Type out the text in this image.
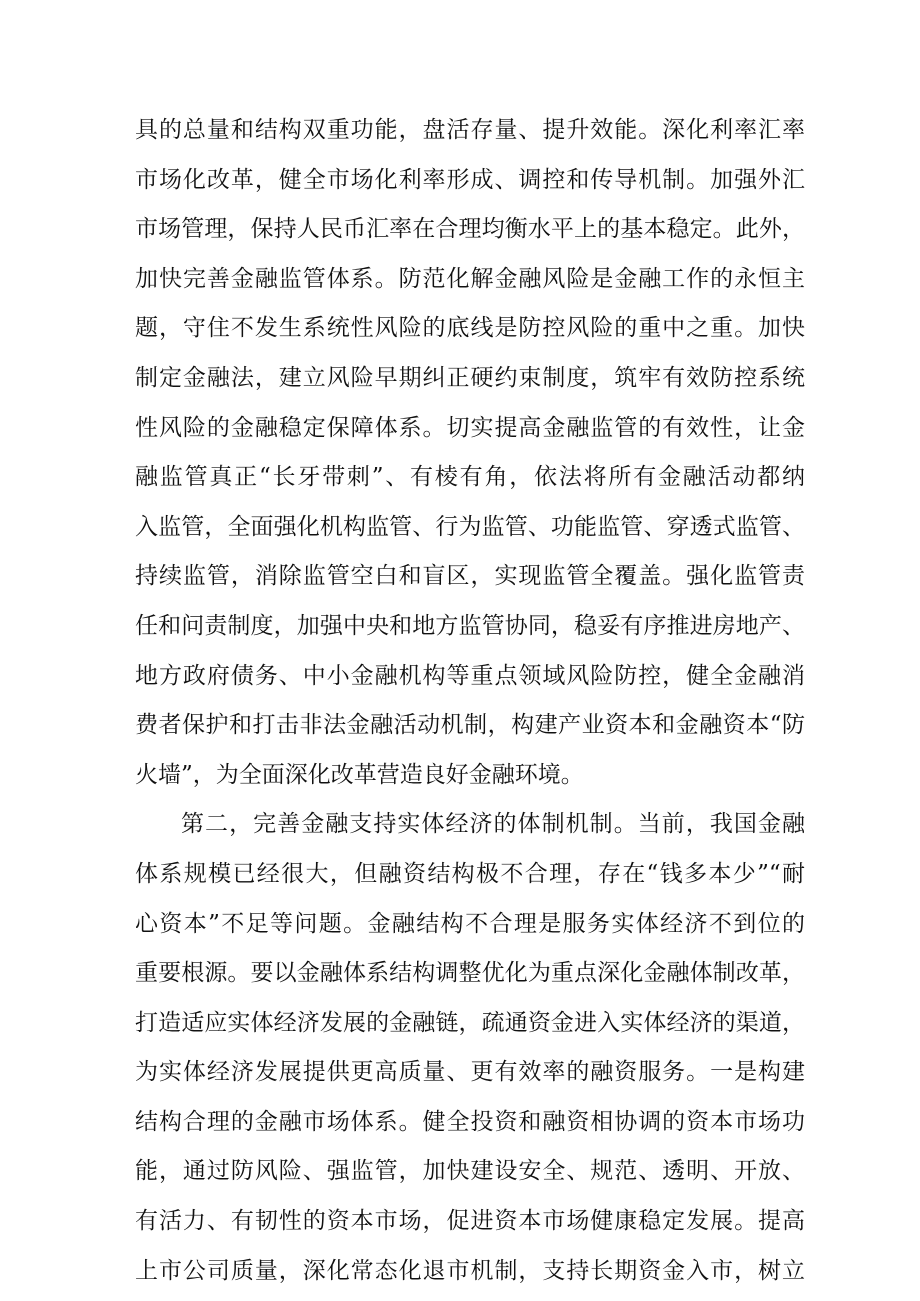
具的总量和结构双重功能，盘活存量、提升效能。深化利率汇率
市场化改革，健全市场化利率形成、调控和传导机制。加强外汇
市场管理，保持人民币汇率在合理均衡水平上的基本稳定。此外，
加快完善金融监管体系。防范化解金融风险是金融工作的永恒主
题，守住不发生系统性风险的底线是防控风险的重中之重。加快
制定金融法，建立风险早期纠正硬约束制度，筑牢有效防控系统
性风险的金融稳定保障体系。切实提高金融监管的有效性，让金
融监管真正“长牙带刺”、有棱有角，依法将所有金融活动都纳
入监管，全面强化机构监管、行为监管、功能监管、穿透式监管、
持续监管，消除监管空白和盲区，实现监管全覆盖。强化监管责
任和问责制度，加强中央和地方监管协同，稳妥有序推进房地产、
地方政府债务、中小金融机构等重点领域风险防控，健全金融消
费者保护和打击非法金融活动机制，构建产业资本和金融资本“防
火墙”，为全面深化改革营造良好金融环境。
第二，完善金融支持实体经济的体制机制。当前，我国金融
体系规模已经很大，但融资结构极不合理，存在“钱多本少”“耐
心资本”不足等问题。金融结构不合理是服务实体经济不到位的
重要根源。要以金融体系结构调整优化为重点深化金融体制改革，
打造适应实体经济发展的金融链，疏通资金进入实体经济的渠道，
为实体经济发展提供更高质量、更有效率的融资服务。一是构建
结构合理的金融市场体系。健全投资和融资相协调的资本市场功
能，通过防风险、强监管，加快建设安全、规范、透明、开放、
有活力、有韧性的资本市场，促进资本市场健康稳定发展。提高
上市公司质量，深化常态化退市机制，支持长期资金入市，树立
